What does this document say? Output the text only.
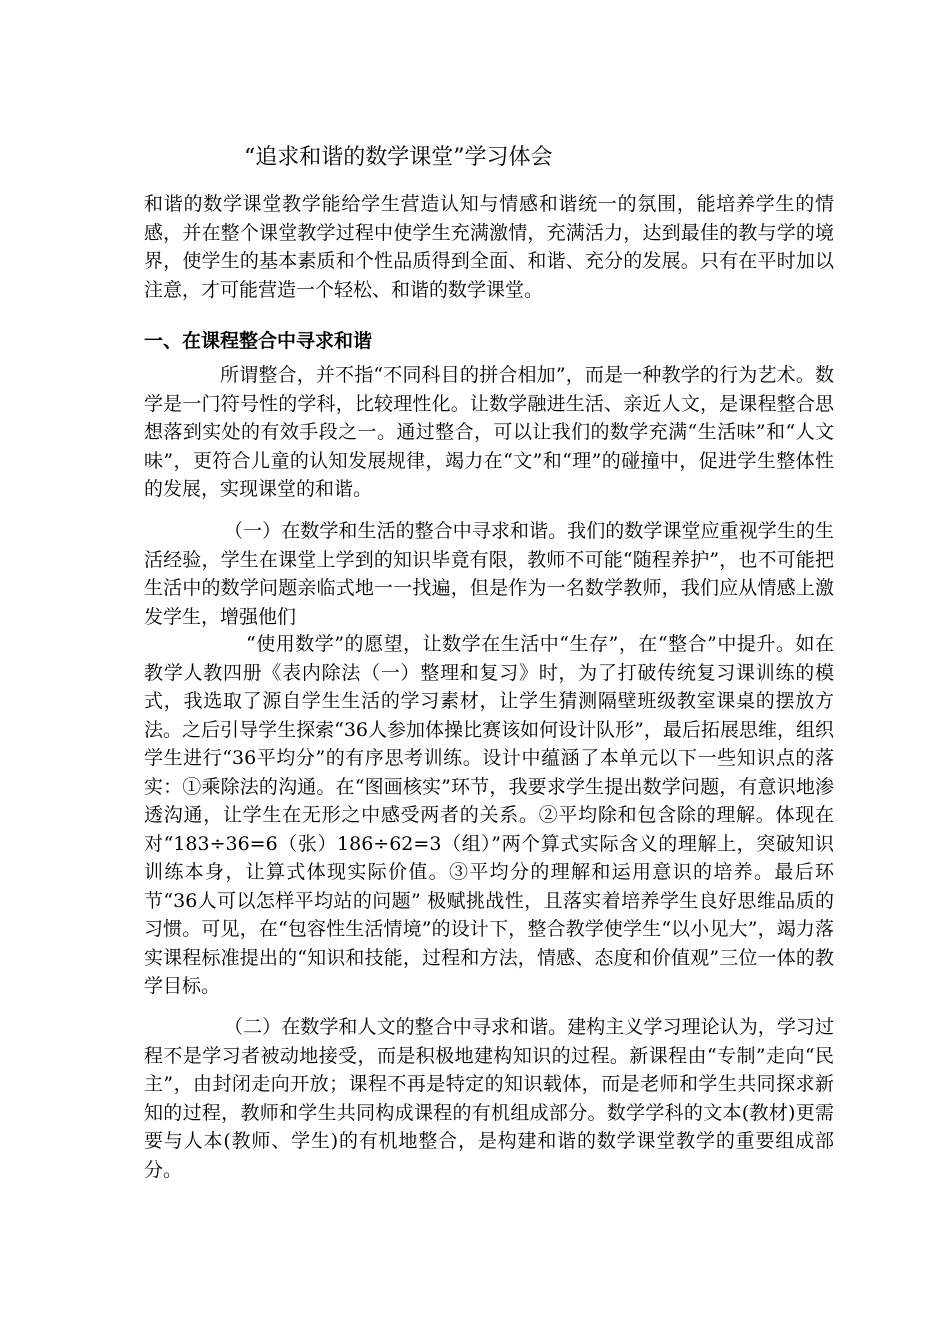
“追求和谐的数学课堂”学习体会

和谐的数学课堂教学能给学生营造认知与情感和谐统一的氛围，能培养学生的情感，并在整个课堂教学过程中使学生充满激情，充满活力，达到最佳的教与学的境界，使学生的基本素质和个性品质得到全面、和谐、充分的发展。只有在平时加以注意，才可能营造一个轻松、和谐的数学课堂。

一、在课程整合中寻求和谐

所谓整合，并不指“不同科目的拼合相加”，而是一种教学的行为艺术。数学是一门符号性的学科，比较理性化。让数学融进生活、亲近人文，是课程整合思想落到实处的有效手段之一。通过整合，可以让我们的数学充满“生活味”和“人文味”，更符合儿童的认知发展规律，竭力在“文”和“理”的碰撞中，促进学生整体性的发展，实现课堂的和谐。

（一）在数学和生活的整合中寻求和谐。我们的数学课堂应重视学生的生活经验，学生在课堂上学到的知识毕竟有限，教师不可能“随程养护”，也不可能把生活中的数学问题亲临式地一一找遍，但是作为一名数学教师，我们应从情感上激发学生，增强他们

“使用数学”的愿望，让数学在生活中“生存”，在“整合”中提升。如在教学人教四册《表内除法（一）整理和复习》时，为了打破传统复习课训练的模式，我选取了源自学生生活的学习素材，让学生猜测隔壁班级教室课桌的摆放方法。之后引导学生探索“36人参加体操比赛该如何设计队形”，最后拓展思维，组织学生进行“36平均分”的有序思考训练。设计中蕴涵了本单元以下一些知识点的落实：①乘除法的沟通。在“图画核实”环节，我要求学生提出数学问题，有意识地渗透沟通，让学生在无形之中感受两者的关系。②平均除和包含除的理解。体现在对“183÷36=6（张）186÷62=3（组）”两个算式实际含义的理解上，突破知识训练本身，让算式体现实际价值。③平均分的理解和运用意识的培养。最后环节“36人可以怎样平均站的问题” 极赋挑战性，且落实着培养学生良好思维品质的习惯。可见，在“包容性生活情境”的设计下，整合教学使学生“以小见大”，竭力落实课程标准提出的“知识和技能，过程和方法，情感、态度和价值观”三位一体的教学目标。

（二）在数学和人文的整合中寻求和谐。建构主义学习理论认为，学习过程不是学习者被动地接受，而是积极地建构知识的过程。新课程由“专制”走向“民主”，由封闭走向开放；课程不再是特定的知识载体，而是老师和学生共同探求新知的过程，教师和学生共同构成课程的有机组成部分。数学学科的文本(教材)更需要与人本(教师、学生)的有机地整合，是构建和谐的数学课堂教学的重要组成部分。
